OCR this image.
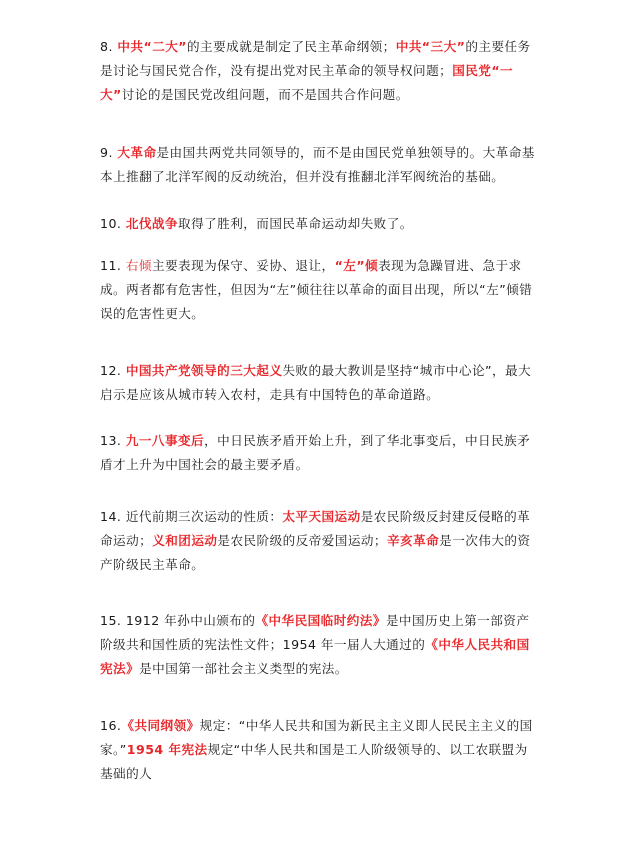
8. 中共“二大”的主要成就是制定了民主革命纲领；中共“三大”的主要任务是讨论与国民党合作，没有提出党对民主革命的领导权问题；国民党“一大”讨论的是国民党改组问题，而不是国共合作问题。

9. 大革命是由国共两党共同领导的，而不是由国民党单独领导的。大革命基本上推翻了北洋军阀的反动统治，但并没有推翻北洋军阀统治的基础。

10. 北伐战争取得了胜利，而国民革命运动却失败了。

11. 右倾主要表现为保守、妥协、退让，“左”倾表现为急躁冒进、急于求成。两者都有危害性，但因为“左”倾往往以革命的面目出现，所以“左”倾错误的危害性更大。

12. 中国共产党领导的三大起义失败的最大教训是坚持“城市中心论”，最大启示是应该从城市转入农村，走具有中国特色的革命道路。

13. 九一八事变后，中日民族矛盾开始上升，到了华北事变后，中日民族矛盾才上升为中国社会的最主要矛盾。

14. 近代前期三次运动的性质：太平天国运动是农民阶级反封建反侵略的革命运动；义和团运动是农民阶级的反帝爱国运动；辛亥革命是一次伟大的资产阶级民主革命。

15. 1912 年孙中山颁布的《中华民国临时约法》是中国历史上第一部资产阶级共和国性质的宪法性文件；1954 年一届人大通过的《中华人民共和国宪法》是中国第一部社会主义类型的宪法。

16.《共同纲领》规定：“中华人民共和国为新民主主义即人民民主主义的国家。”1954 年宪法规定“中华人民共和国是工人阶级领导的、以工农联盟为基础的人
